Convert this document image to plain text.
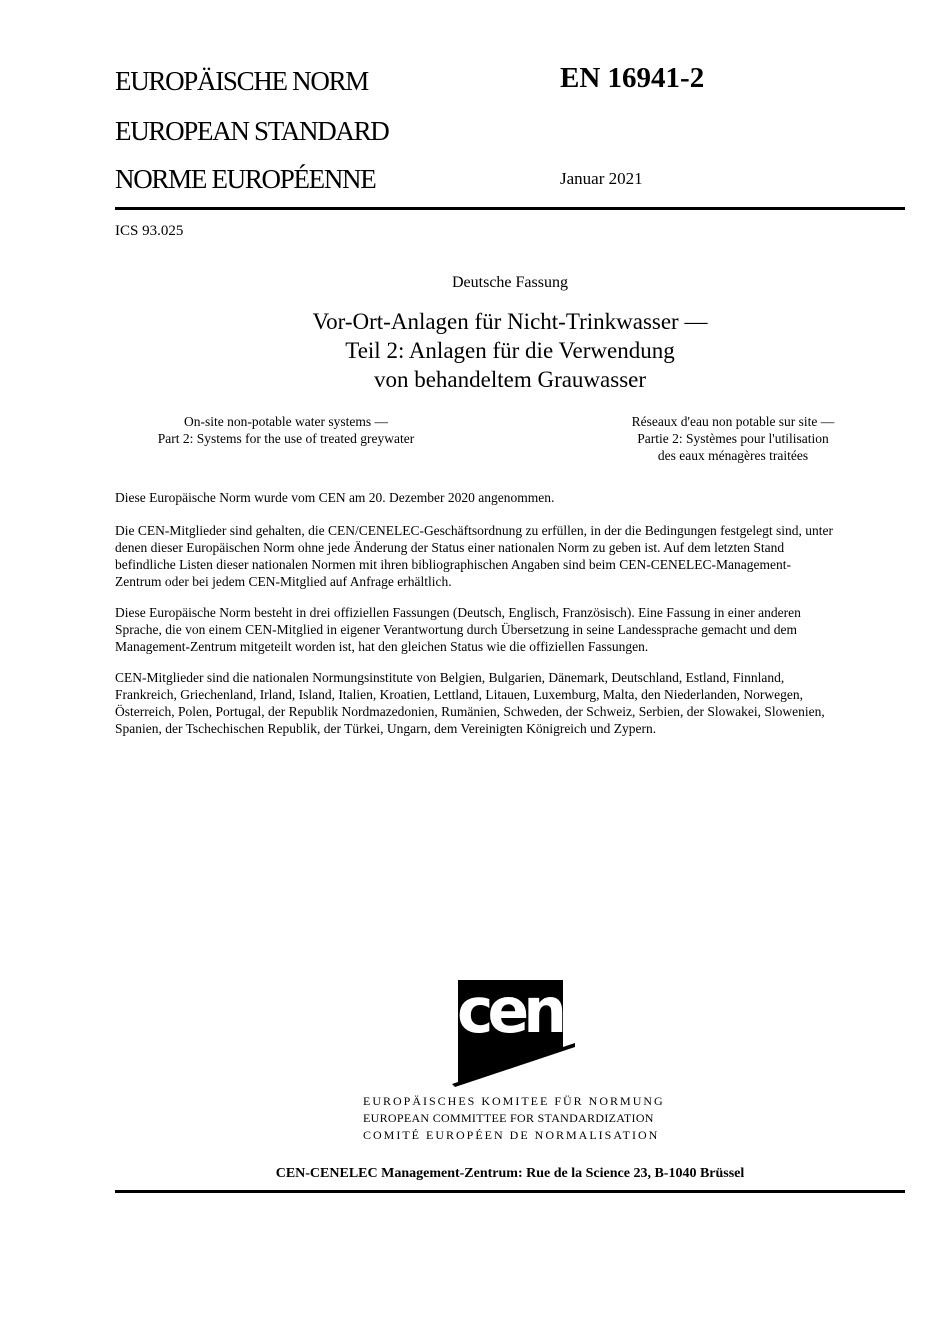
EUROPÄISCHE NORM
EUROPEAN STANDARD
NORME EUROPÉENNE
EN 16941-2
Januar 2021
ICS 93.025
Deutsche Fassung
Vor-Ort-Anlagen für Nicht-Trinkwasser —
Teil 2: Anlagen für die Verwendung
von behandeltem Grauwasser
On-site non-potable water systems —
Part 2: Systems for the use of treated greywater
Réseaux d'eau non potable sur site —
Partie 2: Systèmes pour l'utilisation
des eaux ménagères traitées
Diese Europäische Norm wurde vom CEN am 20. Dezember 2020 angenommen.
Die CEN-Mitglieder sind gehalten, die CEN/CENELEC-Geschäftsordnung zu erfüllen, in der die Bedingungen festgelegt sind, unter
denen dieser Europäischen Norm ohne jede Änderung der Status einer nationalen Norm zu geben ist. Auf dem letzten Stand
befindliche Listen dieser nationalen Normen mit ihren bibliographischen Angaben sind beim CEN-CENELEC-Management-
Zentrum oder bei jedem CEN-Mitglied auf Anfrage erhältlich.
Diese Europäische Norm besteht in drei offiziellen Fassungen (Deutsch, Englisch, Französisch). Eine Fassung in einer anderen
Sprache, die von einem CEN-Mitglied in eigener Verantwortung durch Übersetzung in seine Landessprache gemacht und dem
Management-Zentrum mitgeteilt worden ist, hat den gleichen Status wie die offiziellen Fassungen.
CEN-Mitglieder sind die nationalen Normungsinstitute von Belgien, Bulgarien, Dänemark, Deutschland, Estland, Finnland,
Frankreich, Griechenland, Irland, Island, Italien, Kroatien, Lettland, Litauen, Luxemburg, Malta, den Niederlanden, Norwegen,
Österreich, Polen, Portugal, der Republik Nordmazedonien, Rumänien, Schweden, der Schweiz, Serbien, der Slowakei, Slowenien,
Spanien, der Tschechischen Republik, der Türkei, Ungarn, dem Vereinigten Königreich und Zypern.
cen
EUROPÄISCHES KOMITEE FÜR NORMUNG
EUROPEAN COMMITTEE FOR STANDARDIZATION
COMITÉ EUROPÉEN DE NORMALISATION
CEN-CENELEC Management-Zentrum: Rue de la Science 23, B-1040 Brüssel
